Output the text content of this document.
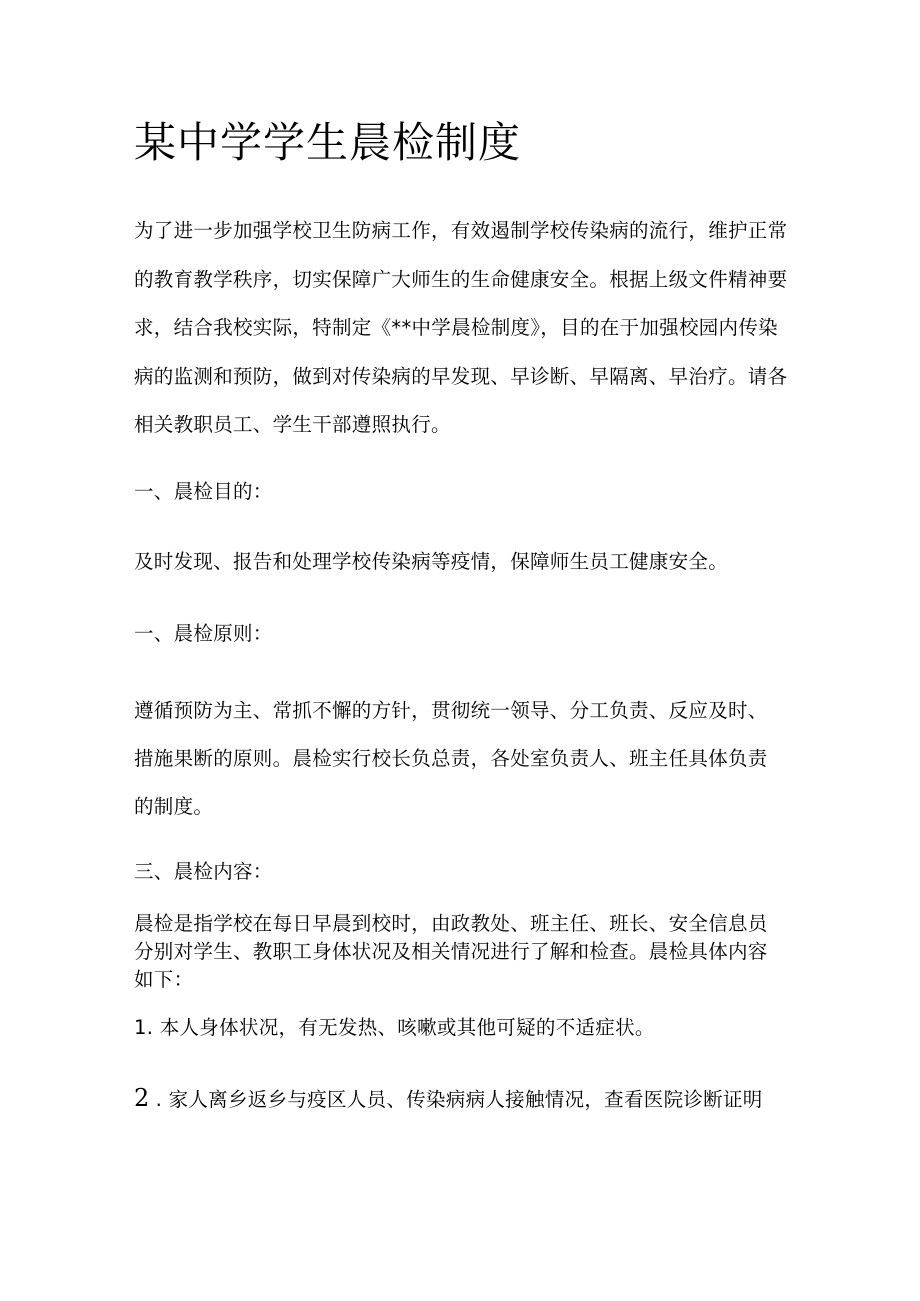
某中学学生晨检制度
为了进一步加强学校卫生防病工作，有效遏制学校传染病的流行，维护正常
的教育教学秩序，切实保障广大师生的生命健康安全。根据上级文件精神要
求，结合我校实际，特制定《**中学晨检制度》，目的在于加强校园内传染
病的监测和预防，做到对传染病的早发现、早诊断、早隔离、早治疗。请各
相关教职员工、学生干部遵照执行。
一、晨检目的：
及时发现、报告和处理学校传染病等疫情，保障师生员工健康安全。
一、晨检原则：
遵循预防为主、常抓不懈的方针，贯彻统一领导、分工负责、反应及时、
措施果断的原则。晨检实行校长负总责，各处室负责人、班主任具体负责
的制度。
三、晨检内容：
晨检是指学校在每日早晨到校时，由政教处、班主任、班长、安全信息员
分别对学生、教职工身体状况及相关情况进行了解和检查。晨检具体内容
如下：
1. 本人身体状况，有无发热、咳嗽或其他可疑的不适症状。
2 . 家人离乡返乡与疫区人员、传染病病人接触情况，查看医院诊断证明
